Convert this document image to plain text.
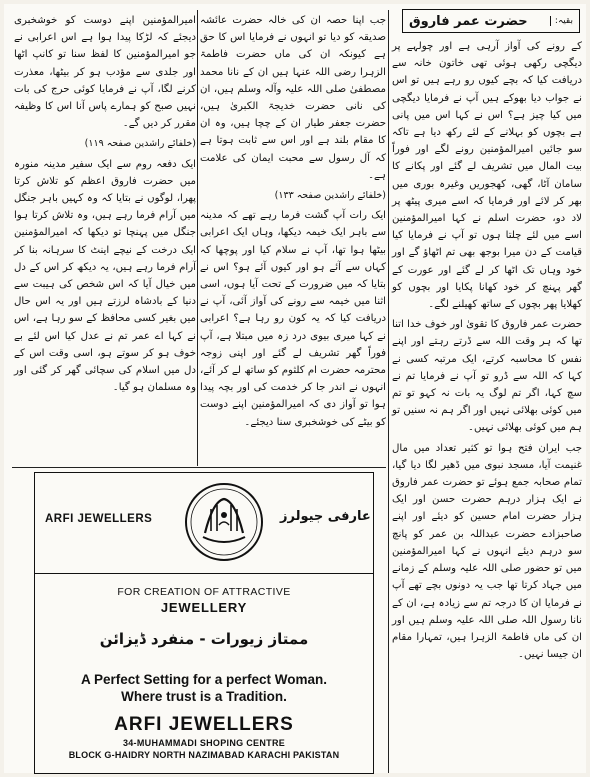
بقیہ:
حضرت عمر فاروق

کے رونے کی آواز آرہی ہے اور چولہے پر دیگچی رکھی ہوئی تھی خاتون خانہ سے دریافت کیا کہ بچے کیوں رو رہے ہیں تو اس نے جواب دیا بھوکے ہیں آپ نے فرمایا دیگچی میں کیا چیز ہے؟ اس نے کہا اس میں پانی ہے بچوں کو بہلانے کے لئے رکھ دیا ہے تاکہ سو جائیں امیرالمؤمنین رونے لگے اور فوراً بیت المال میں تشریف لے گئے اور پکانے کا سامان آٹا، گھی، کھجوریں وغیرہ بوری میں بھر کر لائے اور فرمایا کہ اسے میری پیٹھ پر لاد دو، حضرت اسلم نے کہا امیرالمؤمنین اسے میں لئے چلتا ہوں تو آپ نے فرمایا کیا قیامت کے دن میرا بوجھ بھی تم اٹھاؤ گے اور خود وہاں تک اٹھا کر لے گئے اور عورت کے گھر پہنچ کر خود کھانا پکایا اور بچوں کو کھلایا پھر بچوں کے ساتھ کھیلنے لگے۔

حضرت عمر فاروق کا تقویٰ اور خوف خدا اتنا تھا کہ ہر وقت اللہ سے ڈرتے رہتے اور اپنے نفس کا محاسبہ کرتے، ایک مرتبہ کسی نے کہا کہ اللہ سے ڈرو تو آپ نے فرمایا تم نے سچ کہا، اگر تم لوگ یہ بات نہ کہو تو تم میں کوئی بھلائی نہیں اور اگر ہم نہ سنیں تو ہم میں کوئی بھلائی نہیں۔

جب ایران فتح ہوا تو کثیر تعداد میں مال غنیمت آیا، مسجد نبوی میں ڈھیر لگا دیا گیا، تمام صحابہ جمع ہوئے تو حضرت عمر فاروق نے ایک ہزار درہم حضرت حسن اور ایک ہزار حضرت امام حسین کو دیئے اور اپنے صاحبزادے حضرت عبداللہ بن عمر کو پانچ سو درہم دیئے انہوں نے کہا امیرالمؤمنین میں تو حضور صلی اللہ علیہ وسلم کے زمانے میں جہاد کرتا تھا جب یہ دونوں بچے تھے آپ نے فرمایا ان کا درجہ تم سے زیادہ ہے، ان کے نانا رسول اللہ صلی اللہ علیہ وسلم ہیں اور ان کی ماں فاطمۃ الزہرا ہیں، تمہارا مقام ان جیسا نہیں۔

جب اپنا حصہ ان کی خالہ حضرت عائشہ صدیقہ کو دیا تو انہوں نے فرمایا اس کا حق ہے کیونکہ ان کی ماں حضرت فاطمۃ الزہرا رضی اللہ عنہا ہیں ان کے نانا محمد مصطفیٰ صلی اللہ علیہ وآلہ وسلم ہیں، ان کی نانی حضرت خدیجۃ الکبریٰ ہیں، حضرت جعفر طیار ان کے چچا ہیں، وہ ان کا مقام بلند ہے اور اس سے ثابت ہوتا ہے کہ آل رسول سے محبت ایمان کی علامت ہے۔

(خلفائے راشدین صفحہ ۱۳۳)

ایک رات آپ گشت فرما رہے تھے کہ مدینہ سے باہر ایک خیمہ دیکھا، وہاں ایک اعرابی بیٹھا ہوا تھا، آپ نے سلام کیا اور پوچھا کہ کہاں سے آئے ہو اور کیوں آئے ہو؟ اس نے بتایا کہ میں ضرورت کے تحت آیا ہوں، اسی اثنا میں خیمہ سے رونے کی آواز آئی، آپ نے دریافت کیا کہ یہ کون رو رہا ہے؟ اعرابی نے کہا میری بیوی درد زہ میں مبتلا ہے، آپ فوراً گھر تشریف لے گئے اور اپنی زوجہ محترمہ حضرت ام کلثوم کو ساتھ لے کر آئے، انہوں نے اندر جا کر خدمت کی اور بچہ پیدا ہوا تو آواز دی کہ امیرالمؤمنین اپنے دوست کو بیٹے کی خوشخبری سنا دیجئے۔

امیرالمؤمنین اپنے دوست کو خوشخبری دیجئے کہ لڑکا پیدا ہوا ہے اس اعرابی نے جو امیرالمؤمنین کا لفظ سنا تو کانپ اٹھا اور جلدی سے مؤدب ہو کر بیٹھا، معذرت کرنے لگا، آپ نے فرمایا کوئی حرج کی بات نہیں صبح کو ہمارے پاس آنا اس کا وظیفہ مقرر کر دیں گے۔

(خلفائے راشدین صفحہ ۱۱۹)

ایک دفعہ روم سے ایک سفیر مدینہ منورہ میں حضرت فاروق اعظم کو تلاش کرتا پھرا، لوگوں نے بتایا کہ وہ کہیں باہر جنگل میں آرام فرما رہے ہیں، وہ تلاش کرتا ہوا جنگل میں پہنچا تو دیکھا کہ امیرالمؤمنین ایک درخت کے نیچے اینٹ کا سرہانہ بنا کر آرام فرما رہے ہیں، یہ دیکھ کر اس کے دل میں خیال آیا کہ اس شخص کی ہیبت سے دنیا کے بادشاہ لرزتے ہیں اور یہ اس حال میں بغیر کسی محافظ کے سو رہا ہے، اس نے کہا اے عمر تم نے عدل کیا اس لئے بے خوف ہو کر سوتے ہو، اسی وقت اس کے دل میں اسلام کی سچائی گھر کر گئی اور وہ مسلمان ہو گیا۔

ARFI JEWELLERS	عارفی جیولرز
FOR CREATION OF ATTRACTIVE
JEWELLERY
ممتاز زیورات - منفرد ڈیزائن
A Perfect Setting for a perfect Woman.
Where trust is a Tradition.
ARFI JEWELLERS
34-MUHAMMADI SHOPING CENTRE
BLOCK G-HAIDRY NORTH NAZIMABAD KARACHI PAKISTAN
